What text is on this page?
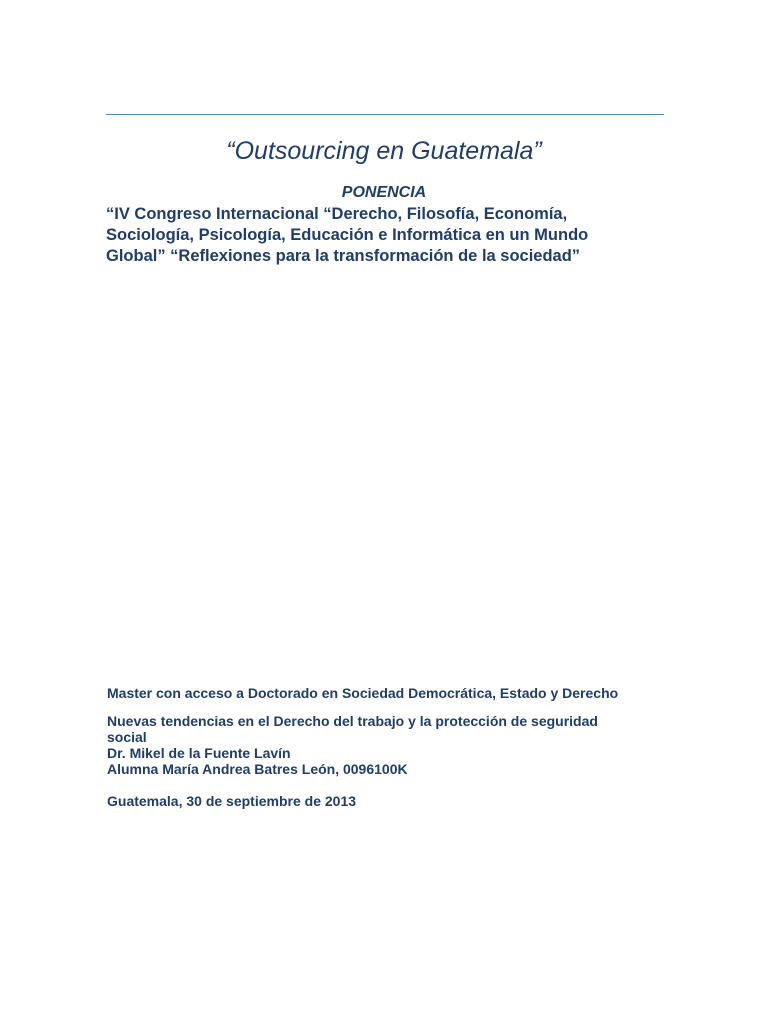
“Outsourcing en Guatemala”
PONENCIA
“IV Congreso Internacional “Derecho, Filosofía, Economía,
Sociología, Psicología, Educación e Informática en un Mundo
Global” “Reflexiones para la transformación de la sociedad”
Master con acceso a Doctorado en Sociedad Democrática, Estado y Derecho
Nuevas tendencias en el Derecho del trabajo y la protección de seguridad
social
Dr. Mikel de la Fuente Lavín
Alumna María Andrea Batres León, 0096100K
Guatemala, 30 de septiembre de 2013
